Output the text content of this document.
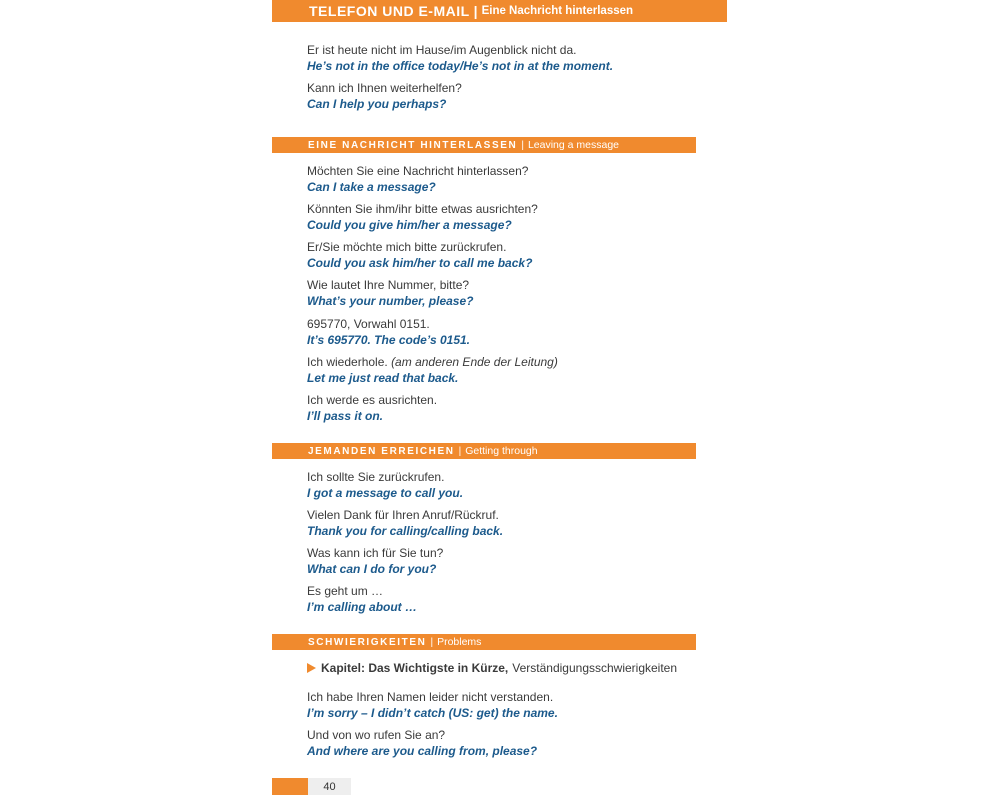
TELEFON UND E-MAIL | Eine Nachricht hinterlassen
Er ist heute nicht im Hause/im Augenblick nicht da.
He’s not in the office today/He’s not in at the moment.
Kann ich Ihnen weiterhelfen?
Can I help you perhaps?
EINE NACHRICHT HINTERLASSEN | Leaving a message
Möchten Sie eine Nachricht hinterlassen?
Can I take a message?
Könnten Sie ihm/ihr bitte etwas ausrichten?
Could you give him/her a message?
Er/Sie möchte mich bitte zurückrufen.
Could you ask him/her to call me back?
Wie lautet Ihre Nummer, bitte?
What’s your number, please?
695770, Vorwahl 0151.
It’s 695770. The code’s 0151.
Ich wiederhole. (am anderen Ende der Leitung)
Let me just read that back.
Ich werde es ausrichten.
I’ll pass it on.
JEMANDEN ERREICHEN | Getting through
Ich sollte Sie zurückrufen.
I got a message to call you.
Vielen Dank für Ihren Anruf/Rückruf.
Thank you for calling/calling back.
Was kann ich für Sie tun?
What can I do for you?
Es geht um …
I’m calling about …
SCHWIERIGKEITEN | Problems
Kapitel: Das Wichtigste in Kürze, Verständigungsschwierigkeiten
Ich habe Ihren Namen leider nicht verstanden.
I’m sorry – I didn’t catch (US: get) the name.
Und von wo rufen Sie an?
And where are you calling from, please?
40
